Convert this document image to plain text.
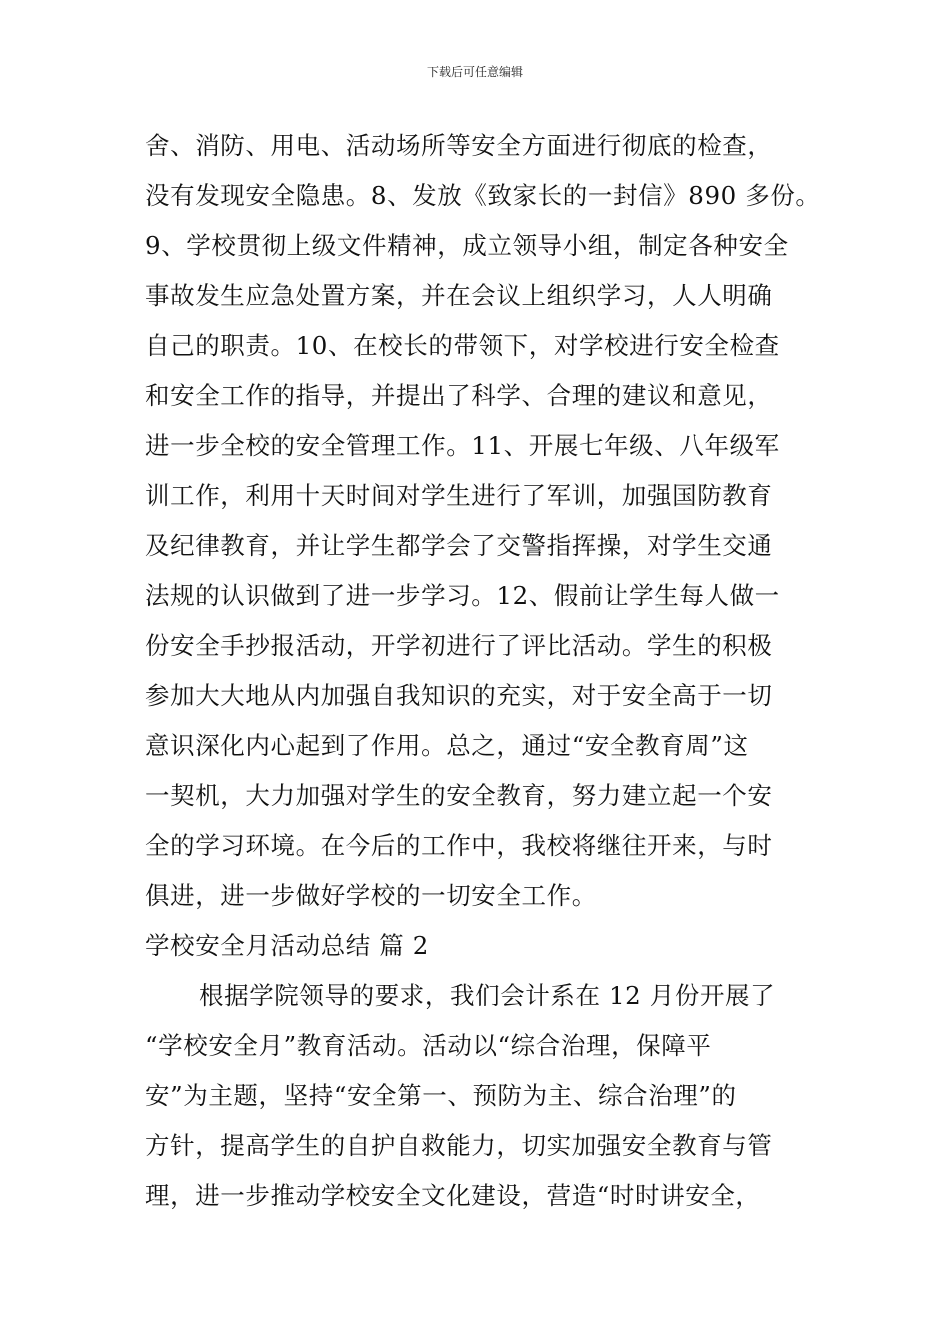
下载后可任意编辑
舍、消防、用电、活动场所等安全方面进行彻底的检查，
没有发现安全隐患。8、发放《致家长的一封信》890 多份。
9、学校贯彻上级文件精神，成立领导小组，制定各种安全
事故发生应急处置方案，并在会议上组织学习，人人明确
自己的职责。10、在校长的带领下，对学校进行安全检查
和安全工作的指导，并提出了科学、合理的建议和意见，
进一步全校的安全管理工作。11、开展七年级、八年级军
训工作，利用十天时间对学生进行了军训，加强国防教育
及纪律教育，并让学生都学会了交警指挥操，对学生交通
法规的认识做到了进一步学习。12、假前让学生每人做一
份安全手抄报活动，开学初进行了评比活动。学生的积极
参加大大地从内加强自我知识的充实，对于安全高于一切
意识深化内心起到了作用。总之，通过“安全教育周”这
一契机，大力加强对学生的安全教育，努力建立起一个安
全的学习环境。在今后的工作中，我校将继往开来，与时
俱进，进一步做好学校的一切安全工作。
学校安全月活动总结 篇 2
根据学院领导的要求，我们会计系在 12 月份开展了
“学校安全月”教育活动。活动以“综合治理，保障平
安”为主题，坚持“安全第一、预防为主、综合治理”的
方针，提高学生的自护自救能力，切实加强安全教育与管
理，进一步推动学校安全文化建设，营造“时时讲安全，
